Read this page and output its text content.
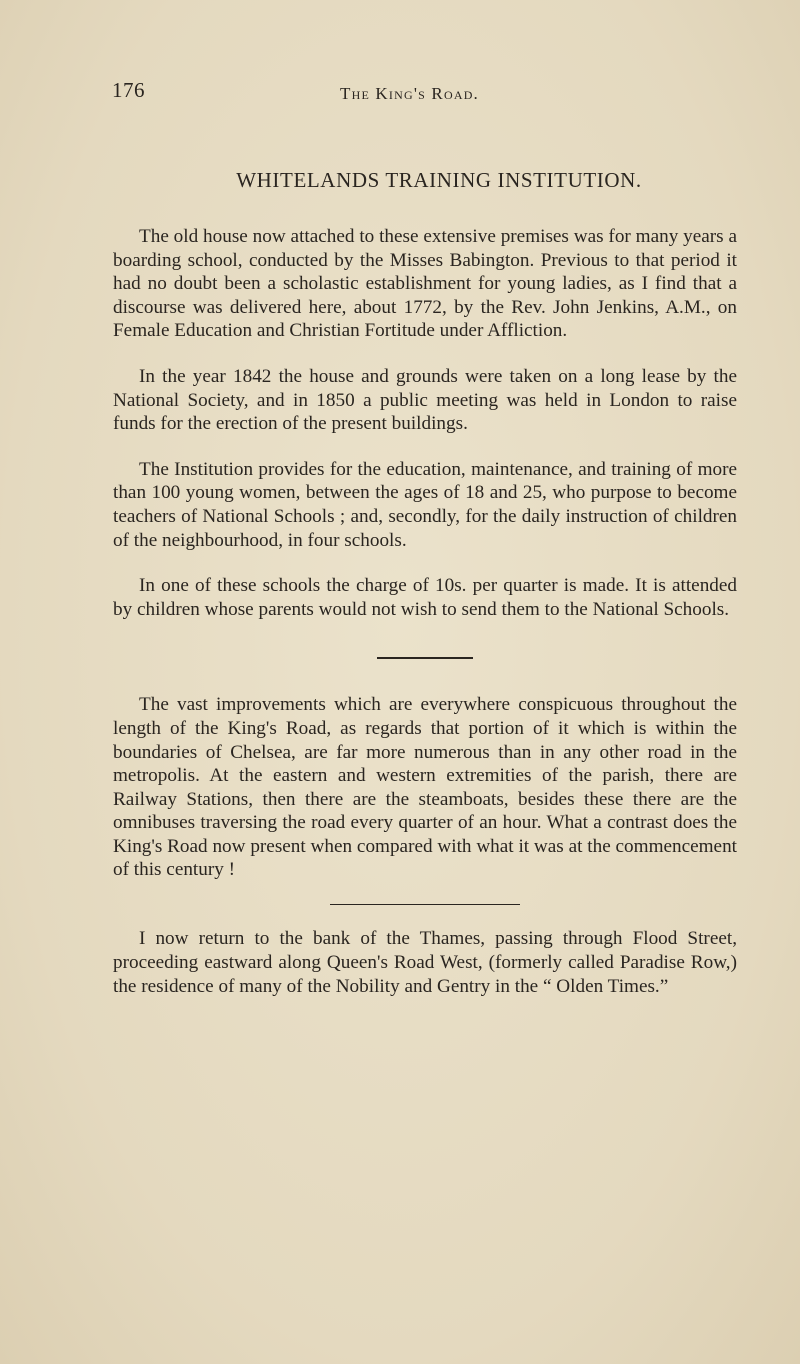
176	The King's Road.
WHITELANDS TRAINING INSTITUTION.

The old house now attached to these extensive premises was for many years a boarding school, conducted by the Misses Babington. Previous to that period it had no doubt been a scholastic establishment for young ladies, as I find that a discourse was delivered here, about 1772, by the Rev. John Jenkins, A.M., on Female Education and Christian Fortitude under Affliction.

In the year 1842 the house and grounds were taken on a long lease by the National Society, and in 1850 a public meeting was held in London to raise funds for the erection of the present buildings.

The Institution provides for the education, maintenance, and training of more than 100 young women, between the ages of 18 and 25, who purpose to become teachers of National Schools ; and, secondly, for the daily instruction of children of the neighbourhood, in four schools.

In one of these schools the charge of 10s. per quarter is made. It is attended by children whose parents would not wish to send them to the National Schools.

The vast improvements which are everywhere conspicuous throughout the length of the King's Road, as regards that portion of it which is within the boundaries of Chelsea, are far more numerous than in any other road in the metropolis. At the eastern and western extremities of the parish, there are Railway Stations, then there are the steamboats, besides these there are the omnibuses traversing the road every quarter of an hour. What a contrast does the King's Road now present when compared with what it was at the commencement of this century !

I now return to the bank of the Thames, passing through Flood Street, proceeding eastward along Queen's Road West, (formerly called Paradise Row,) the residence of many of the Nobility and Gentry in the “ Olden Times.”
